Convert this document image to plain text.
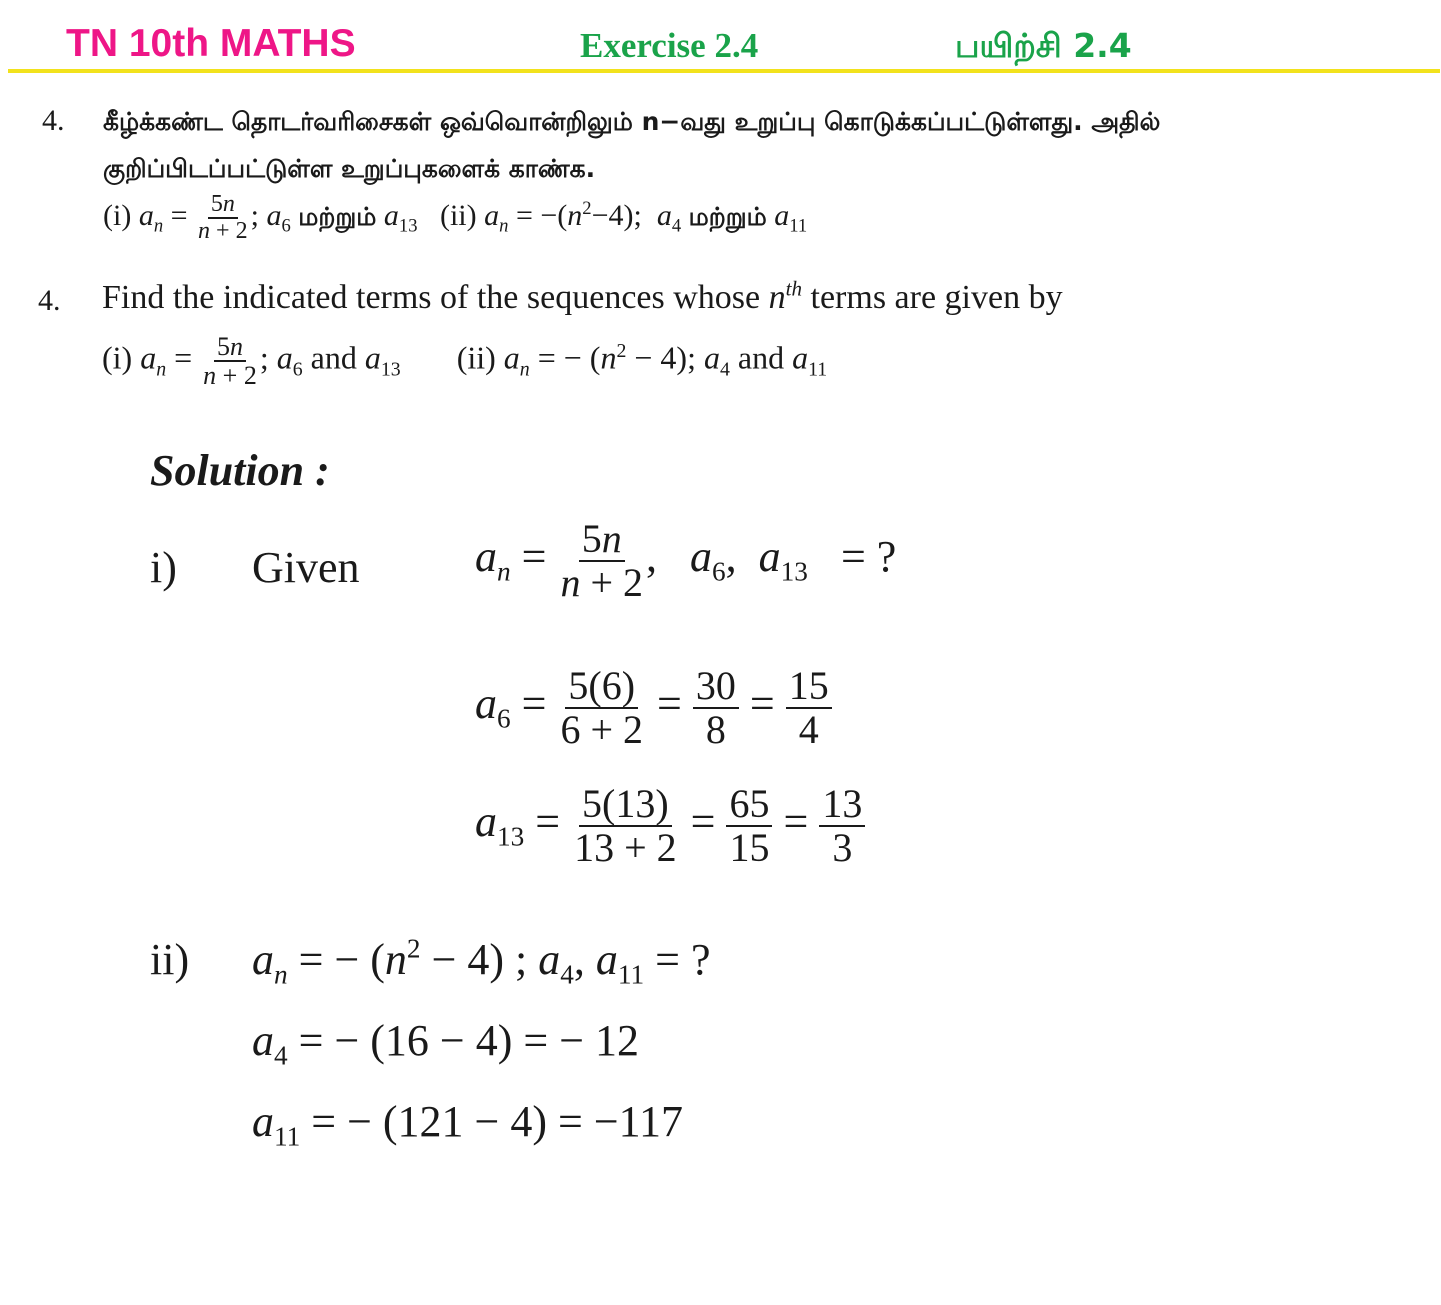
TN 10th MATHS	Exercise 2.4	பயிற்சி 2.4
4. கீழ்க்கண்ட தொடர்வரிசைகள் ஒவ்வொன்றிலும் n−வது உறுப்பு கொடுக்கப்பட்டுள்ளது. அதில்
குறிப்பிடப்பட்டுள்ள உறுப்புகளைக் காண்க.
(i) $a_n = \frac{5n}{n + 2}$ ; $a_6$ மற்றும் $a_{13}$   (ii) $a_n = -(n^2-4)$;  $a_4$ மற்றும் $a_{11}$
4. Find the indicated terms of the sequences whose $n^{th}$ terms are given by
(i) $a_n = \frac{5n}{n + 2}$ ; $a_6$ and $a_{13}$       (ii) $a_n$ = − $(n^2 - 4)$; $a_4$ and $a_{11}$
Solution :
i) Given	$a_n = \frac{5n}{n + 2}$ ,   $a_6$,  $a_{13}$   = ?
$a_6 = \frac{5(6)}{6 + 2} = \frac{30}{8} = \frac{15}{4}$
$a_{13} = \frac{5(13)}{13 + 2} = \frac{65}{15} = \frac{13}{3}$
ii) $a_n$ = − $(n^2 - 4)$ ; $a_4$, $a_{11}$ = ?
$a_4$ = − (16 − 4) = − 12
$a_{11}$ = − (121 − 4) = −117
